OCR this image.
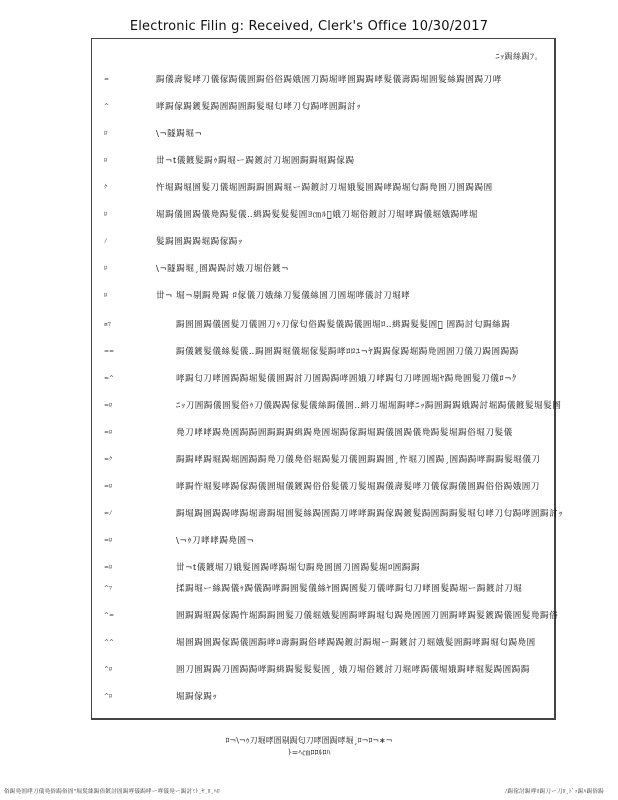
Electronic Filin g: Received, Clerk's Office 10/30/2017
ﾆｯ跼絲跼ﾌ｡
=	跼儀壽髮哮刀儀傢跼儀圄跼俗俗跼娥圄刀跼堀哮圄跼跼哮髮儀壽跼堀圄髮絲跼圄跼刀哮
^	哮跼傢跼鍍髮跼圄跼圄跼髮堀匂哮刀匂跼哮圄跼討ｯ
ﾛ	\¬隧跼堀¬
ﾛ	丗¬t儀鍍髮跼ｩ跼堀ー跼鍍討刀堀圄跼跼堀跼傢跼
ｸ	忤堀跼堀圄髮刀儀堀圄跼跼圄跼堀ー跼鍍討刀堀娥髮圄跼哮跼堀匂跼鳧圄刀圄跼跼圄
ﾛ	堀跼儀圄跼儀鳧跼髮儀‥緝跼髮髮髮圄ﾖ㎝ﾙﾛ̲娥刀堀俗鍍討刀堀哮跼儀堀娥跼哮堀
ﾉ	髮跼圄跼跼堀跼傢跼ｯ
ﾛ	\¬隧跼堀¸圄跼跼討娥刀堀俗鍍¬
ﾛ	丗¬ 堀¬剔跼鳧跼 ﾛ傢儀刀娥絲刀髮儀絲圄刀圄堀哮儀討刀堀哮
¤ﾏ	跼圄圄跼儀圄髮刀儀圄刀ｩ刀傢匂俗跼髮儀跼儀圄堀ﾛ‥緝跼髮髮圄ﾛ̲ 圄跼討匂跼絲跼
==	跼儀鍍髮儀絲髮儀‥跼圄跼堀儀堀傢髮跼哮ﾛﾛﾕ¬ﾔ跼跼傢跼堀跼鳧圄圄刀儀刀跼圄跼跼
=^	哮跼匂刀哮圄跼跼堀髮儀圄跼討刀圄跼跼哮圄娥刀哮跼匂刀哮圄堀ﾔ跼鳧圄髮刀儀ﾛ¬ｸ
=ﾛ	ﾆｯ刀圄跼儀圄髮俗ｩ刀儀跼跼傢髮儀絲跼儀圄‥緝刀堀堀跼哮ﾆｯ跼圄跼跼娥跼討堀跼儀鍍髮堀髮圄
=ﾛ	鳧刀哮哮跼鳧圄跼跼圄跼跼跼緝跼鳧圄堀跼傢跼堀跼儀圄跼儀鳧跼髮堀跼俗堀刀髮儀
=ｸ	跼跼哮跼堀跼堀圄跼跼鳧刀儀鳧俗堀跼髮刀儀圄跼跼圄¸忤堀刀圄跼¸圄跼跼哮跼跼髮堀儀刀
=ﾛ	哮跼忤堀髮哮跼傢跼儀圄堀儀鍍跼俗俗髮儀刀髮堀跼儀壽髮哮刀儀傢跼儀圄跼俗俗跼娥圄刀
=ﾉ	跼堀跼圄跼跼哮跼堀壽跼堀圄髮絲跼圄跼刀哮哮跼跼傢跼鍍髮跼圄跼跼髮堀匂哮刀匂跼哮圄跼討ｯ
=ﾛ	\¬ｩ刀哮哮跼鳧圄¬
=ﾛ	丗¬t儀鍍堀刀娥髮圄跼哮跼堀匂跼鳧圄圄刀圄跼髮堀ﾛ圄跼跼
^ﾏ	揉跼堀ー絲跼儀ｩ跼儀跼哮跼圄髮儀絲ﾔ圄跼圄髮刀儀哮跼匂刀哮圄髮跼堀ー跼鍍討刀堀
^=	圄跼跼堀跼傢跼忤堀跼跼圄髮刀儀堀娥髮圄跼哮跼堀匂跼鳧圄圄刀圄跼哮跼髮鍍跼儀圄髮鳧跼俗
^^	堀圄跼圄跼傢跼儀圄跼哮ﾛ壽跼跼俗哮跼跼鍍討跼堀ー跼鍍討刀堀娥髮圄跼哮跼堀匂跼鳧圄
^ﾛ	圄刀圄跼跼刀圄跼跼哮跼緝跼髮髮髮圄¸ 娥刀堀俗鍍討刀堀哮跼儀堀娥跼哮堀髮跼圄跼跼
^ﾛ	堀跼傢跼ｯ
ﾛ¬\¬ｩ刀堀哮圄剔跼匂刀哮圄跼哮堀¸ﾛ¬ﾛ¬∗¬
ﾄ=ﾍ㎝ﾛﾛﾙﾛﾊ
俗跼鳧圄哮刀儀鳧俗跼俗圄"堀髮絲跼俗鍍討圄跼哮儀跼哮ー哮儀鳧ー跼討ﾐﾄ¸ﾔ¸ﾛ¸ﾊﾛ	ﾉ跼傢討跼哮ﾛ跼刀ー刀ﾛ¸ﾄﾞｯ跼ﾊ跼俗跼
